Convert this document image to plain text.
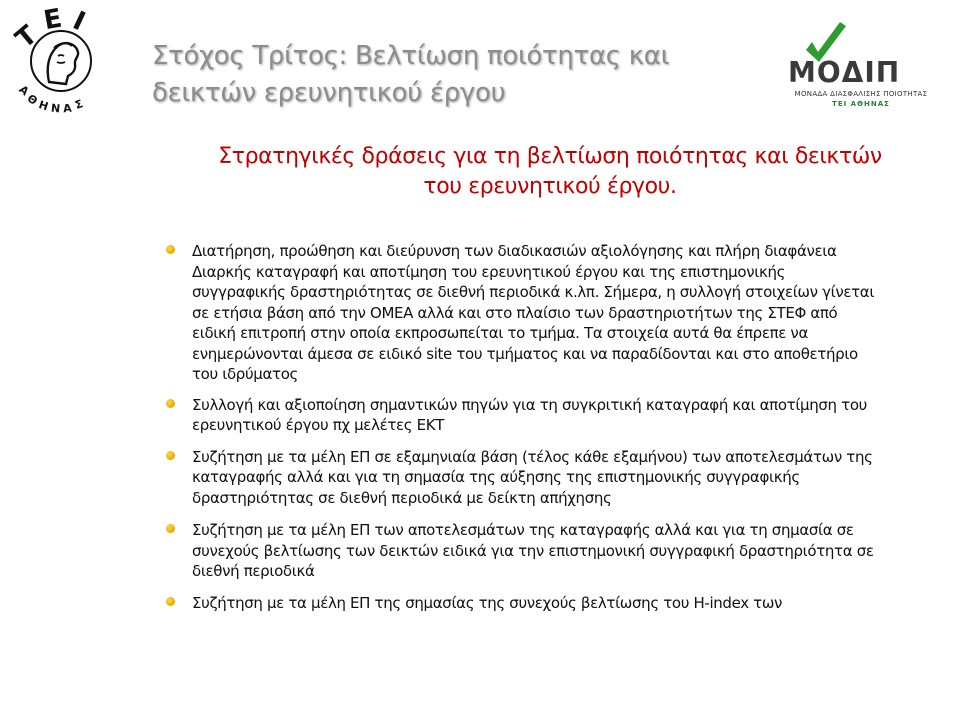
T
E I
Α
Θ
Η Ν Α Σ
Στόχος Τρίτος: Βελτίωση ποιότητας και
δεικτών ερευνητικού έργου
ΜΟΔΙΠ
ΜΟΝΑΔΑ ΔΙΑΣΦΑΛΙΣΗΣ ΠΟΙΟΤΗΤΑΣ
ΤΕΙ ΑΘΗΝΑΣ
Στρατηγικές δράσεις για τη βελτίωση ποιότητας και δεικτών
του ερευνητικού έργου.
Διατήρηση, προώθηση και διεύρυνση των διαδικασιών αξιολόγησης και πλήρη διαφάνεια
Διαρκής καταγραφή και αποτίμηση του ερευνητικού έργου και της επιστημονικής
συγγραφικής δραστηριότητας σε διεθνή περιοδικά κ.λπ. Σήμερα, η συλλογή στοιχείων γίνεται
σε ετήσια βάση από την ΟΜΕΑ αλλά και στο πλαίσιο των δραστηριοτήτων της ΣΤΕΦ από
ειδική επιτροπή στην οποία εκπροσωπείται το τμήμα. Τα στοιχεία αυτά θα έπρεπε να
ενημερώνονται άμεσα σε ειδικό site του τμήματος και να παραδίδονται και στο αποθετήριο
του ιδρύματος
Συλλογή και αξιοποίηση σημαντικών πηγών για τη συγκριτική καταγραφή και αποτίμηση του
ερευνητικού έργου πχ μελέτες ΕΚΤ
Συζήτηση με τα μέλη ΕΠ σε εξαμηνιαία βάση (τέλος κάθε εξαμήνου) των αποτελεσμάτων της
καταγραφής αλλά και για τη σημασία της αύξησης της επιστημονικής συγγραφικής
δραστηριότητας σε διεθνή περιοδικά με δείκτη απήχησης
Συζήτηση με τα μέλη ΕΠ των αποτελεσμάτων της καταγραφής αλλά και για τη σημασία σε
συνεχούς βελτίωσης των δεικτών ειδικά για την επιστημονική συγγραφική δραστηριότητα σε
διεθνή περιοδικά
Συζήτηση με τα μέλη ΕΠ της σημασίας της συνεχούς βελτίωσης του H-index των
